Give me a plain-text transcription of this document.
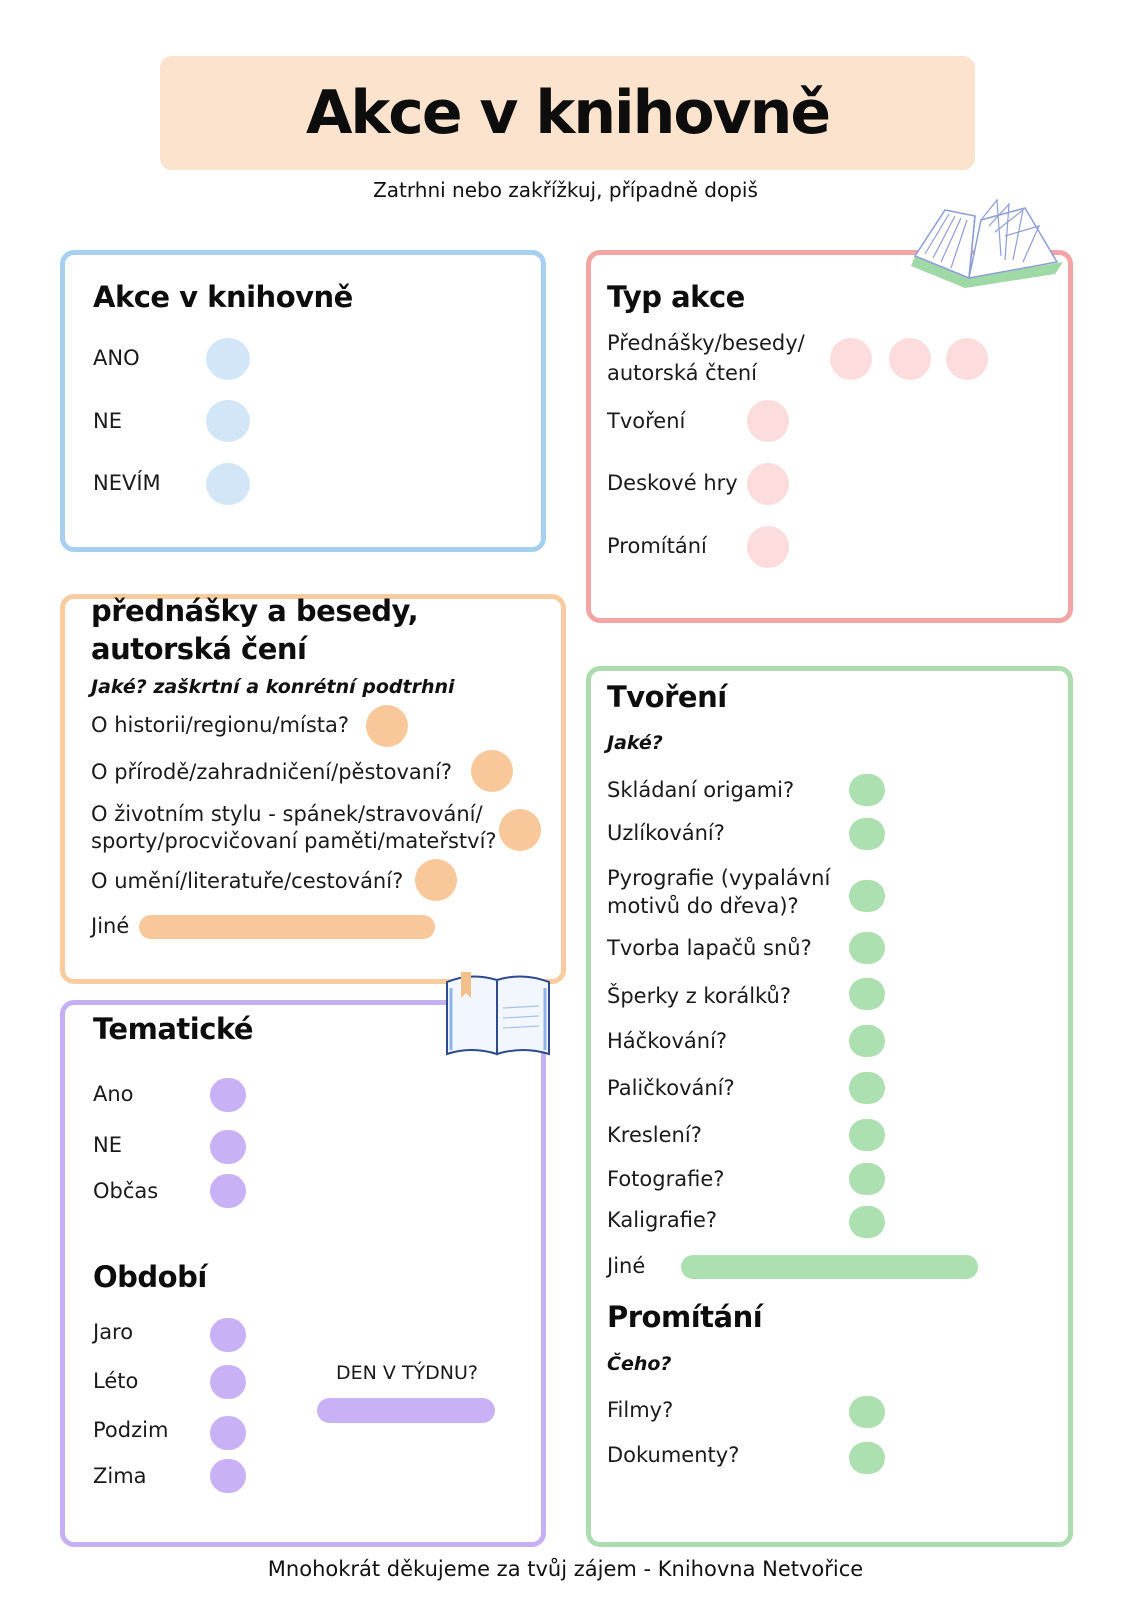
Akce v knihovně
Zatrhni nebo zakřížkuj, případně dopiš
Akce v knihovně
ANO
NE
NEVÍM
Typ akce
Přednášky/besedy/
autorská čtení
Tvoření
Deskové hry
Promítání
přednášky a besedy,
autorská čení
Jaké? zaškrtní a konrétní podtrhni
O historii/regionu/místa?
O přírodě/zahradničení/pěstovaní?
O životním stylu - spánek/stravování/
sporty/procvičovaní paměti/mateřství?
O umění/literatuře/cestování?
Jiné
Tvoření
Jaké?
Skládaní origami?
Uzlíkování?
Pyrografie (vypalávní
motivů do dřeva)?
Tvorba lapačů snů?
Šperky z korálků?
Háčkování?
Paličkování?
Kreslení?
Fotografie?
Kaligrafie?
Jiné
Promítání
Čeho?
Filmy?
Dokumenty?
Tematické
Ano
NE
Občas
Období
Jaro
Léto
Podzim
Zima
DEN V TÝDNU?
Mnohokrát děkujeme za tvůj zájem - Knihovna Netvořice
